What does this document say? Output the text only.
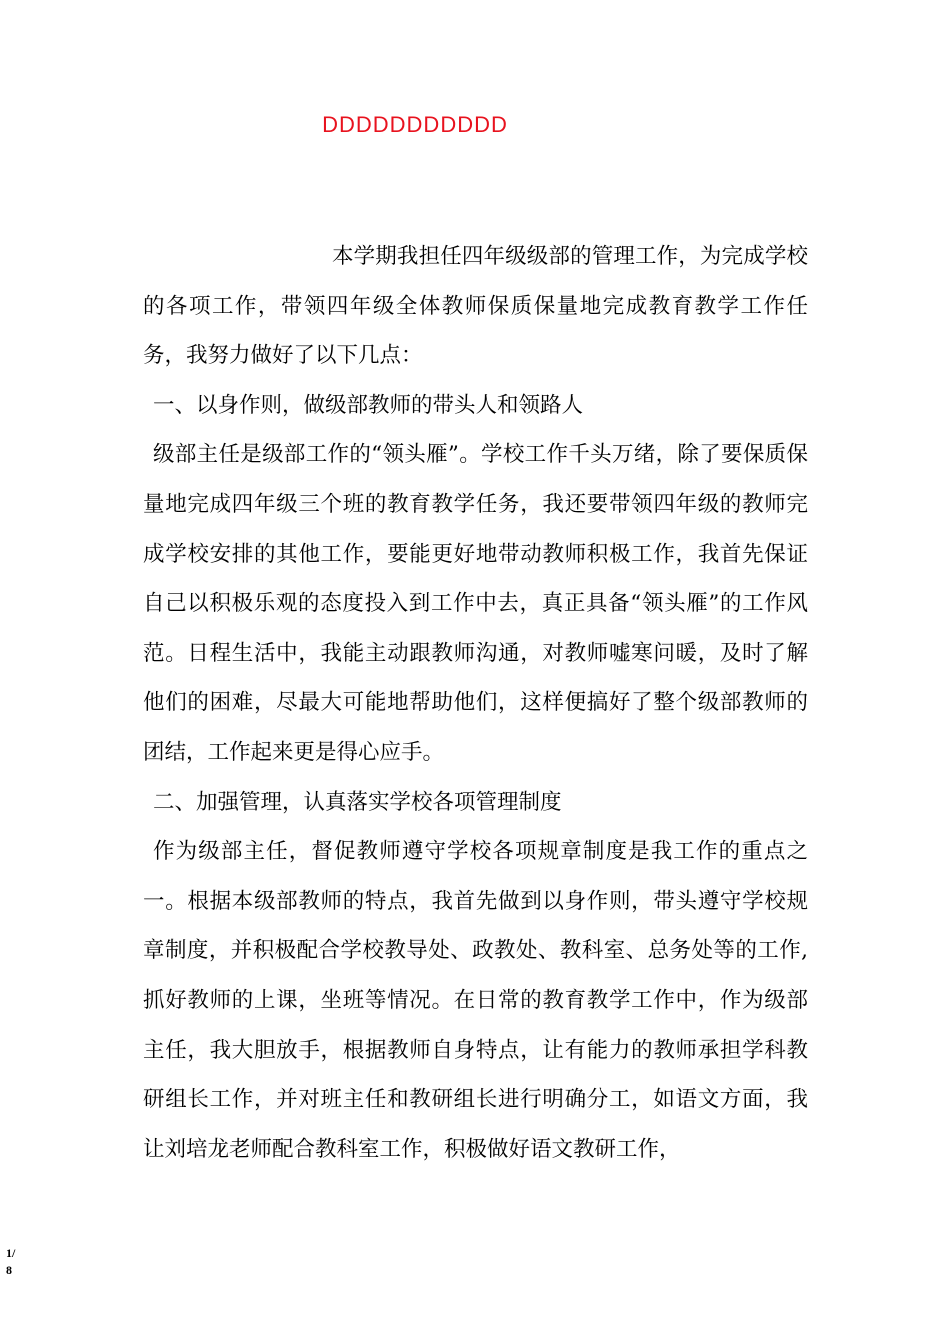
DDDDDDDDDDD

本学期我担任四年级级部的管理工作，为完成学校的各项工作，带领四年级全体教师保质保量地完成教育教学工作任务，我努力做好了以下几点：

一、以身作则，做级部教师的带头人和领路人

级部主任是级部工作的“领头雁”。学校工作千头万绪，除了要保质保量地完成四年级三个班的教育教学任务，我还要带领四年级的教师完成学校安排的其他工作，要能更好地带动教师积极工作，我首先保证自己以积极乐观的态度投入到工作中去，真正具备“领头雁”的工作风范。日程生活中，我能主动跟教师沟通，对教师嘘寒问暖，及时了解他们的困难，尽最大可能地帮助他们，这样便搞好了整个级部教师的团结，工作起来更是得心应手。

二、加强管理，认真落实学校各项管理制度

作为级部主任，督促教师遵守学校各项规章制度是我工作的重点之一。根据本级部教师的特点，我首先做到以身作则，带头遵守学校规章制度，并积极配合学校教导处、政教处、教科室、总务处等的工作,抓好教师的上课，坐班等情况。在日常的教育教学工作中，作为级部主任，我大胆放手，根据教师自身特点，让有能力的教师承担学科教研组长工作，并对班主任和教研组长进行明确分工，如语文方面，我让刘培龙老师配合教科室工作，积极做好语文教研工作，

1/8
